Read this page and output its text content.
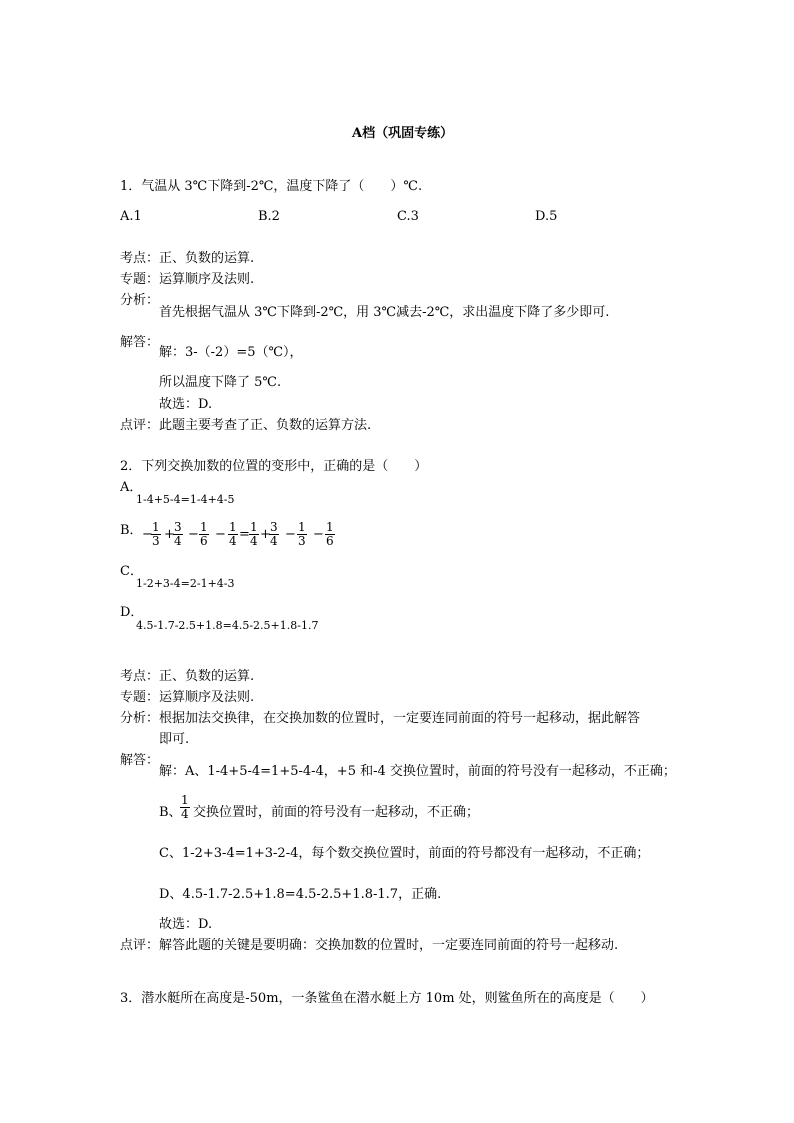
A档（巩固专练）
1．气温从 3℃下降到-2℃，温度下降了（　　）℃.
A.1	B.2	C.3	D.5
考点：正、负数的运算.
专题：运算顺序及法则.
分析：
首先根据气温从 3℃下降到-2℃，用 3℃减去-2℃，求出温度下降了多少即可.
解答：
解：3-（-2）=5（℃），
所以温度下降了 5℃.
故选：D.
点评：此题主要考查了正、负数的运算方法.
2．下列交换加数的位置的变形中，正确的是（　　）
A．
1-4+5-4=1-4+4-5
B． −
$\frac{1}{3}$ +
$\frac{3}{4} - \frac{1}{6} - \frac{1}{4} = \frac{1}{4}$ +
$\frac{3}{4} - \frac{1}{3} - \frac{1}{6}$
C．
1-2+3-4=2-1+4-3
D．
4.5-1.7-2.5+1.8=4.5-2.5+1.8-1.7
考点：正、负数的运算.
专题：运算顺序及法则.
分析：根据加法交换律，在交换加数的位置时，一定要连同前面的符号一起移动，据此解答
即可.
解答：
解：A、1-4+5-4=1+5-4-4，+5 和-4 交换位置时，前面的符号没有一起移动，不正确；
B、
$\frac{1}{4}$ 交换位置时，前面的符号没有一起移动，不正确；
C、1-2+3-4=1+3-2-4，每个数交换位置时，前面的符号都没有一起移动，不正确；
D、4.5-1.7-2.5+1.8=4.5-2.5+1.8-1.7，正确.
故选：D.
点评：解答此题的关键是要明确：交换加数的位置时，一定要连同前面的符号一起移动.
3．潜水艇所在高度是-50m，一条鲨鱼在潜水艇上方 10m 处，则鲨鱼所在的高度是（　　）
